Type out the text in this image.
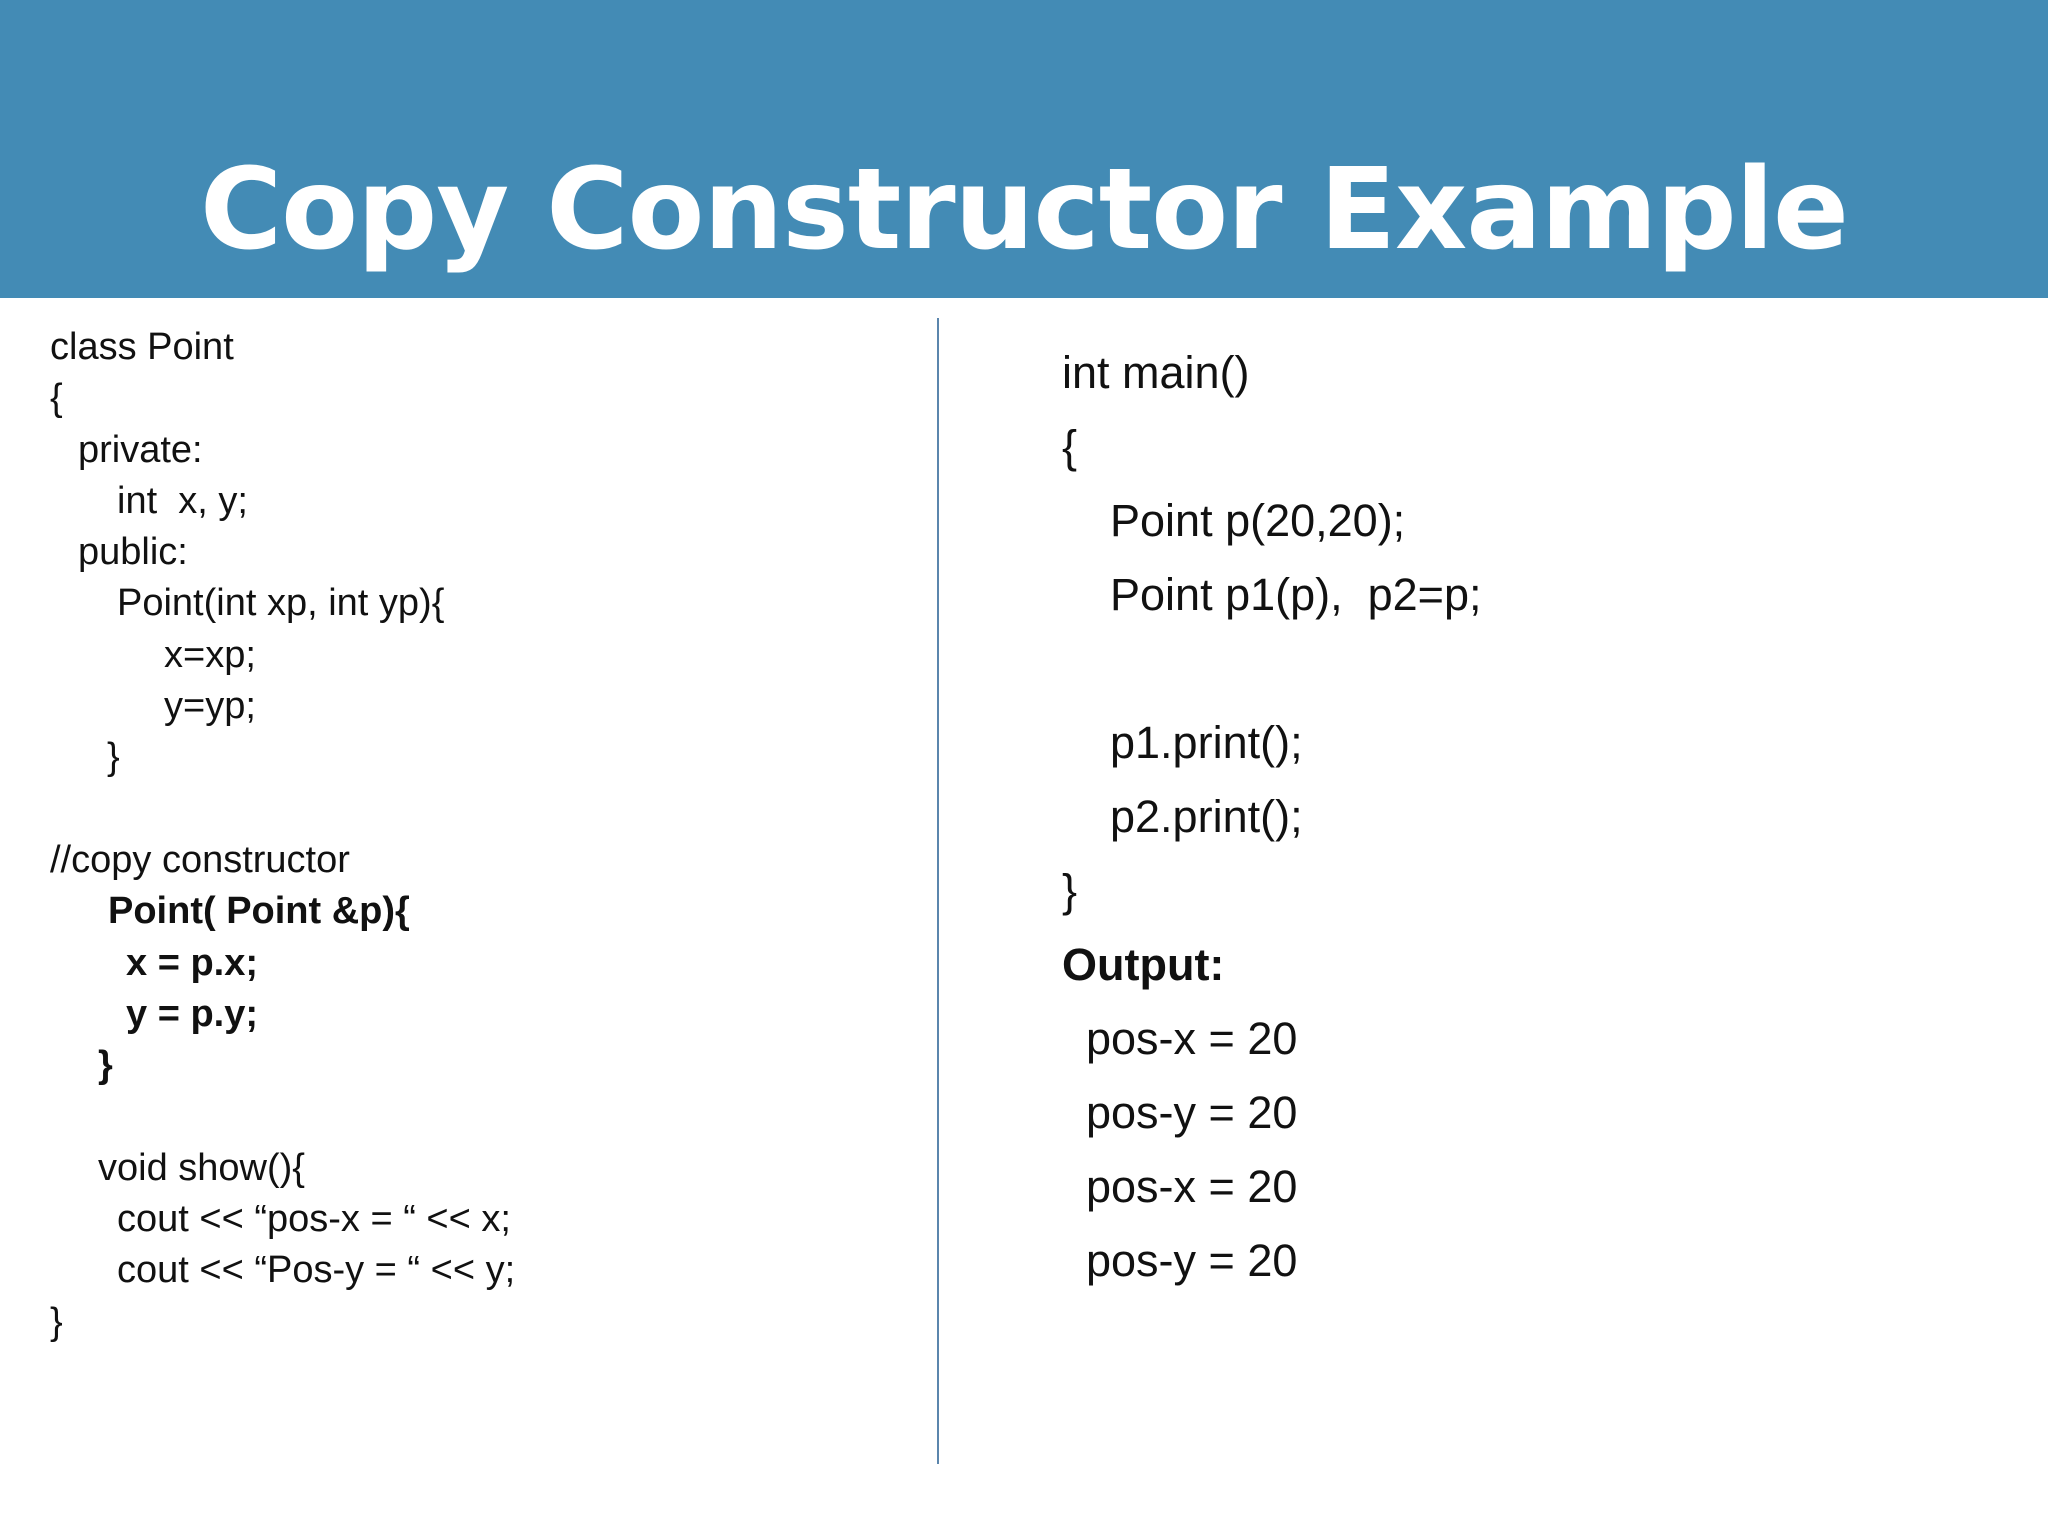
Copy Constructor Example
class Point
{
private:
int  x, y;
public:
Point(int xp, int yp){
x=xp;
y=yp;
}
//copy constructor
Point( Point &p){
x = p.x;
y = p.y;
}
void show(){
cout << “pos-x = “ << x;
cout << “Pos-y = “ << y;
}
int main()
{
Point p(20,20);
Point p1(p),  p2=p;
p1.print();
p2.print();
}
Output:
pos-x = 20
pos-y = 20
pos-x = 20
pos-y = 20
